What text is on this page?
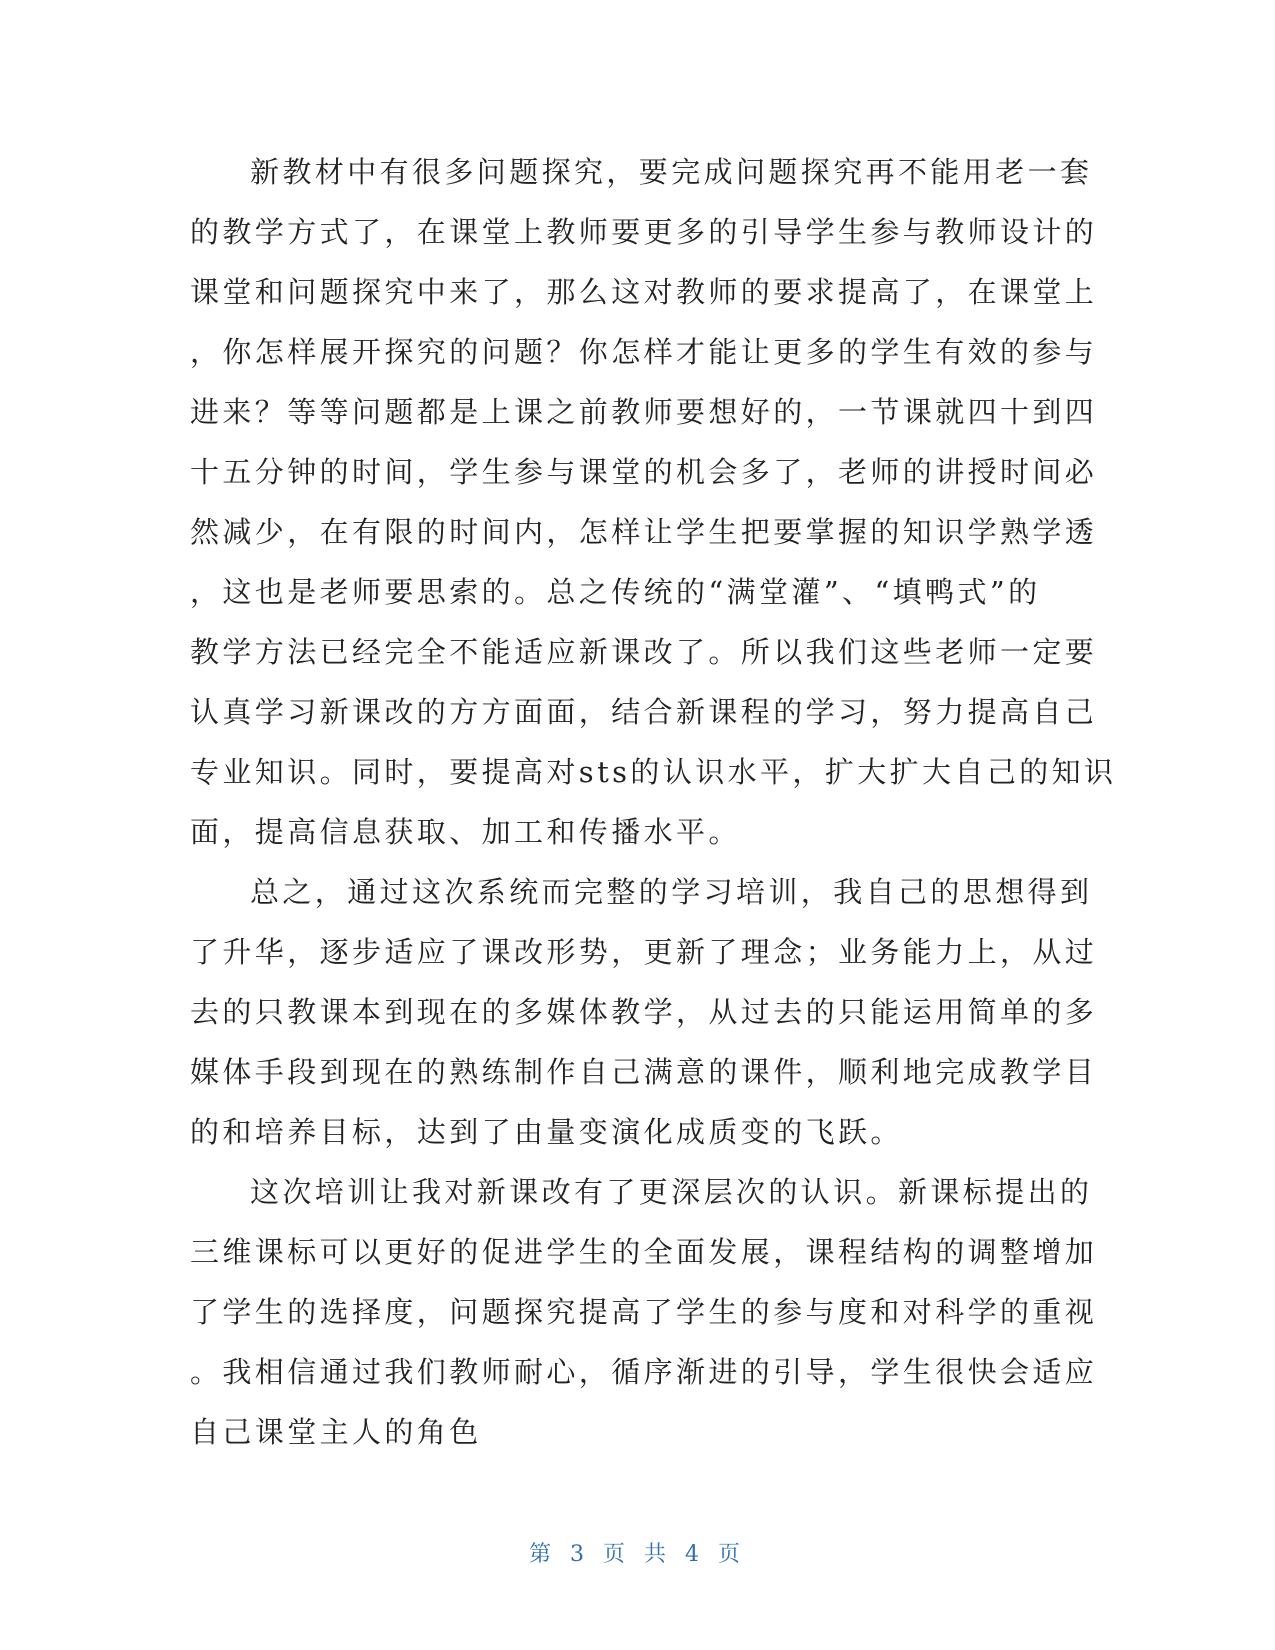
新教材中有很多问题探究，要完成问题探究再不能用老一套
的教学方式了，在课堂上教师要更多的引导学生参与教师设计的
课堂和问题探究中来了，那么这对教师的要求提高了，在课堂上
，你怎样展开探究的问题？你怎样才能让更多的学生有效的参与
进来？等等问题都是上课之前教师要想好的，一节课就四十到四
十五分钟的时间，学生参与课堂的机会多了，老师的讲授时间必
然减少，在有限的时间内，怎样让学生把要掌握的知识学熟学透
，这也是老师要思索的。总之传统的“满堂灌”、“填鸭式”的
教学方法已经完全不能适应新课改了。所以我们这些老师一定要
认真学习新课改的方方面面，结合新课程的学习，努力提高自己
专业知识。同时，要提高对sts的认识水平，扩大扩大自己的知识
面，提高信息获取、加工和传播水平。
总之，通过这次系统而完整的学习培训，我自己的思想得到
了升华，逐步适应了课改形势，更新了理念；业务能力上，从过
去的只教课本到现在的多媒体教学，从过去的只能运用简单的多
媒体手段到现在的熟练制作自己满意的课件，顺利地完成教学目
的和培养目标，达到了由量变演化成质变的飞跃。
这次培训让我对新课改有了更深层次的认识。新课标提出的
三维课标可以更好的促进学生的全面发展，课程结构的调整增加
了学生的选择度，问题探究提高了学生的参与度和对科学的重视
。我相信通过我们教师耐心，循序渐进的引导，学生很快会适应
自己课堂主人的角色
第 3 页 共 4 页
